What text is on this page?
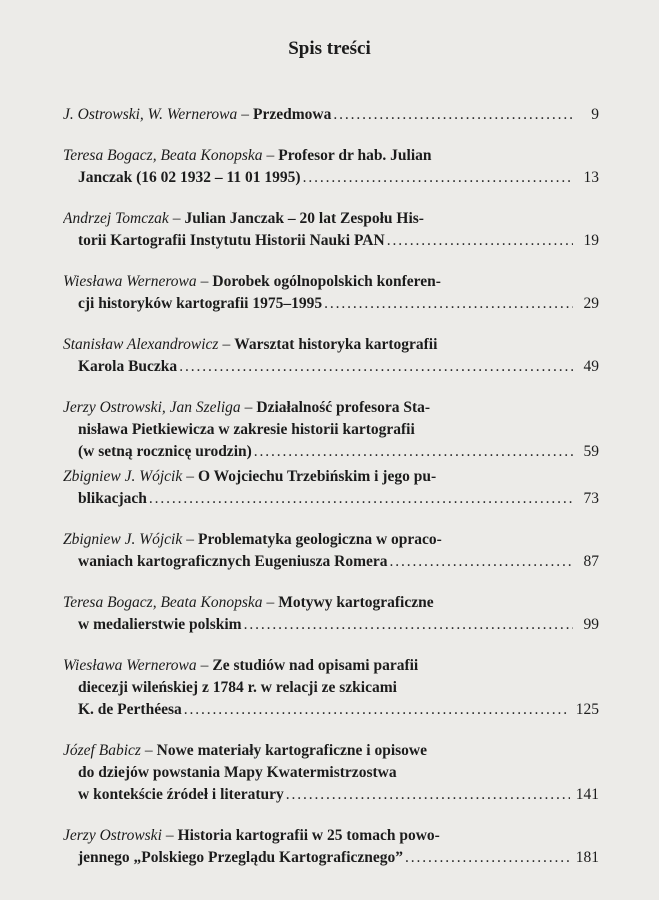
Spis treści
J. Ostrowski, W. Wernerowa – Przedmowa . . .	9
Teresa Bogacz, Beata Konopska – Profesor dr hab. Julian
Janczak (16 02 1932 – 11 01 1995) . . .	13
Andrzej Tomczak – Julian Janczak – 20 lat Zespołu His-
torii Kartografii Instytutu Historii Nauki PAN . . .	19
Wiesława Wernerowa – Dorobek ogólnopolskich konferen-
cji historyków kartografii 1975–1995 . . .	29
Stanisław Alexandrowicz – Warsztat historyka kartografii
Karola Buczka . . .	49
Jerzy Ostrowski, Jan Szeliga – Działalność profesora Sta-
nisława Pietkiewicza w zakresie historii kartografii
(w setną rocznicę urodzin) . . .	59
Zbigniew J. Wójcik – O Wojciechu Trzebińskim i jego pu-
blikacjach . . .	73
Zbigniew J. Wójcik – Problematyka geologiczna w opraco-
waniach kartograficznych Eugeniusza Romera . . .	87
Teresa Bogacz, Beata Konopska – Motywy kartograficzne
w medalierstwie polskim . . .	99
Wiesława Wernerowa – Ze studiów nad opisami parafii
diecezji wileńskiej z 1784 r. w relacji ze szkicami
K. de Perthéesa . . .	125
Józef Babicz – Nowe materiały kartograficzne i opisowe
do dziejów powstania Mapy Kwatermistrzostwa
w kontekście źródeł i literatury . . .	141
Jerzy Ostrowski – Historia kartografii w 25 tomach powo-
jennego „Polskiego Przeglądu Kartograficznego” . . .	181
